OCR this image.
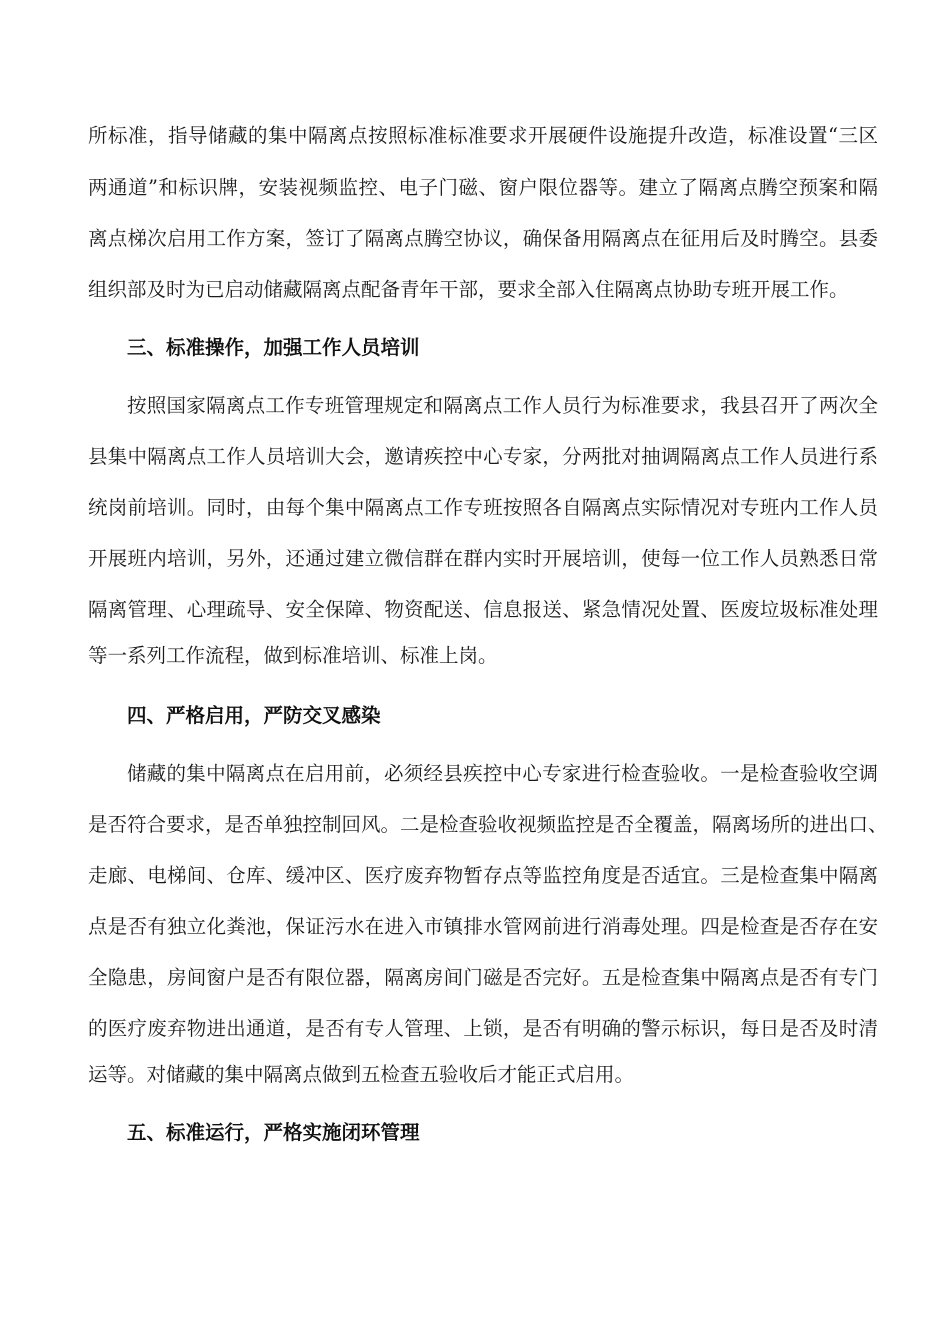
所标准，指导储藏的集中隔离点按照标准标准要求开展硬件设施提升改造，标准设置“三区
两通道”和标识牌，安装视频监控、电子门磁、窗户限位器等。建立了隔离点腾空预案和隔
离点梯次启用工作方案，签订了隔离点腾空协议，确保备用隔离点在征用后及时腾空。县委
组织部及时为已启动储藏隔离点配备青年干部，要求全部入住隔离点协助专班开展工作。
三、标准操作，加强工作人员培训
按照国家隔离点工作专班管理规定和隔离点工作人员行为标准要求，我县召开了两次全
县集中隔离点工作人员培训大会，邀请疾控中心专家，分两批对抽调隔离点工作人员进行系
统岗前培训。同时，由每个集中隔离点工作专班按照各自隔离点实际情况对专班内工作人员
开展班内培训，另外，还通过建立微信群在群内实时开展培训，使每一位工作人员熟悉日常
隔离管理、心理疏导、安全保障、物资配送、信息报送、紧急情况处置、医废垃圾标准处理
等一系列工作流程，做到标准培训、标准上岗。
四、严格启用，严防交叉感染
储藏的集中隔离点在启用前，必须经县疾控中心专家进行检查验收。一是检查验收空调
是否符合要求，是否单独控制回风。二是检查验收视频监控是否全覆盖，隔离场所的进出口、
走廊、电梯间、仓库、缓冲区、医疗废弃物暂存点等监控角度是否适宜。三是检查集中隔离
点是否有独立化粪池，保证污水在进入市镇排水管网前进行消毒处理。四是检查是否存在安
全隐患，房间窗户是否有限位器，隔离房间门磁是否完好。五是检查集中隔离点是否有专门
的医疗废弃物进出通道，是否有专人管理、上锁，是否有明确的警示标识，每日是否及时清
运等。对储藏的集中隔离点做到五检查五验收后才能正式启用。
五、标准运行，严格实施闭环管理
